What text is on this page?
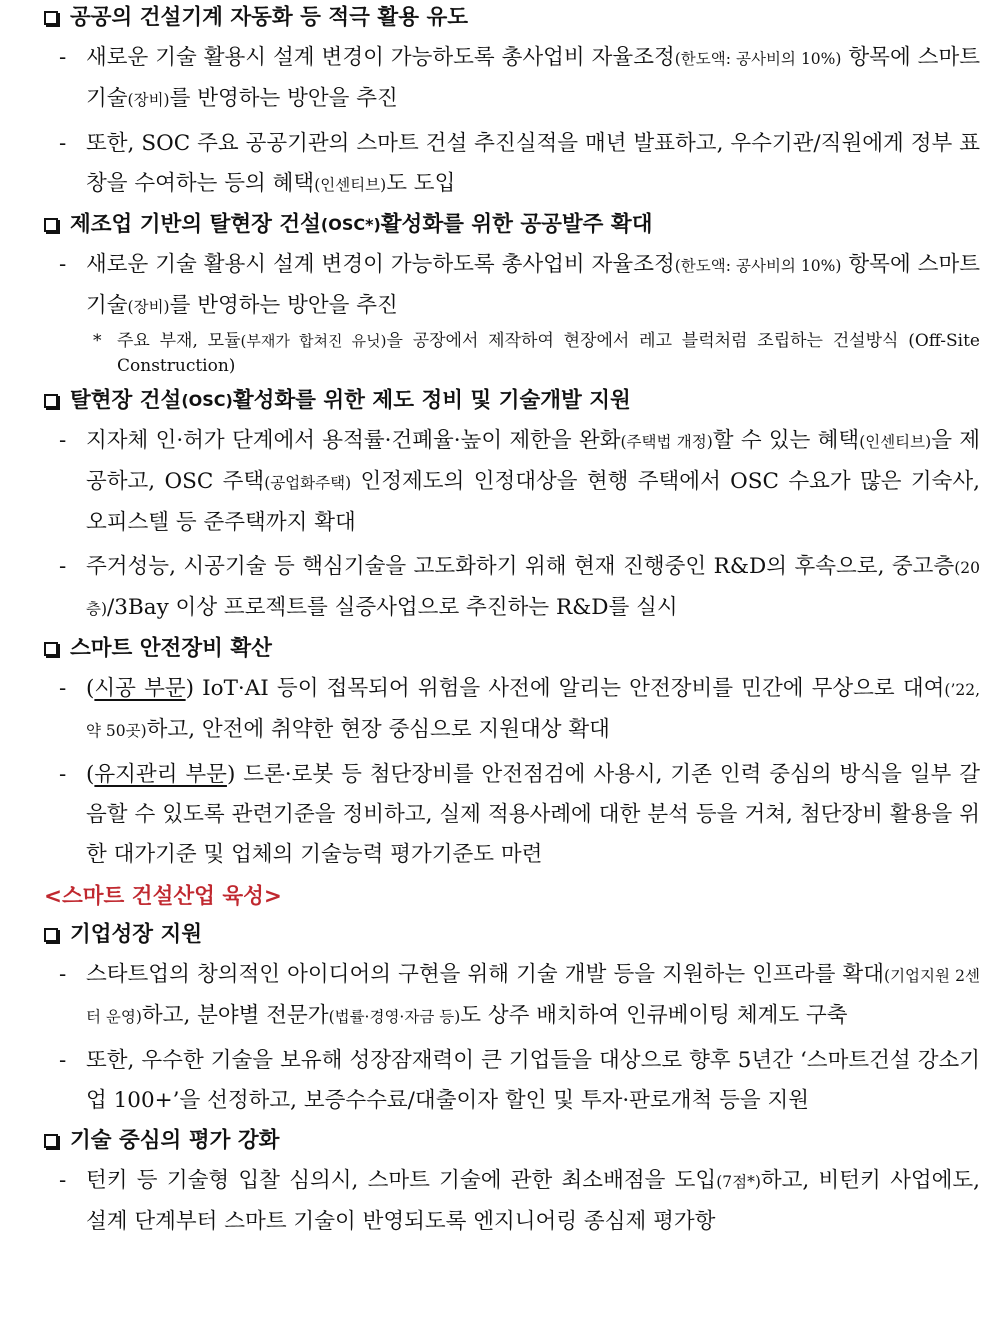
공공의 건설기계 자동화 등 적극 활용 유도
- 새로운 기술 활용시 설계 변경이 가능하도록 총사업비 자율조정(한도액: 공사비의 10%) 항목에 스마트 기술(장비)를 반영하는 방안을 추진
- 또한, SOC 주요 공공기관의 스마트 건설 추진실적을 매년 발표하고, 우수기관/직원에게 정부 표창을 수여하는 등의 혜택(인센티브)도 도입
제조업 기반의 탈현장 건설 (OSC*) 활성화를 위한 공공발주 확대
- 새로운 기술 활용시 설계 변경이 가능하도록 총사업비 자율조정(한도액: 공사비의 10%) 항목에 스마트 기술(장비)를 반영하는 방안을 추진
* 주요 부재, 모듈(부재가 합쳐진 유닛)을 공장에서 제작하여 현장에서 레고 블럭처럼 조립하는 건설방식 (Off-Site Construction)
탈현장 건설 (OSC) 활성화를 위한 제도 정비 및 기술개발 지원
- 지자체 인·허가 단계에서 용적률·건폐율·높이 제한을 완화(주택법 개정)할 수 있는 혜택(인센티브)을 제공하고, OSC 주택(공업화주택) 인정제도의 인정대상을 현행 주택에서 OSC 수요가 많은 기숙사, 오피스텔 등 준주택까지 확대
- 주거성능, 시공기술 등 핵심기술을 고도화하기 위해 현재 진행중인 R&D의 후속으로, 중고층(20층)/3Bay 이상 프로젝트를 실증사업으로 추진하는 R&D를 실시
스마트 안전장비 확산
- (시공 부문) IoT·AI 등이 접목되어 위험을 사전에 알리는 안전장비를 민간에 무상으로 대여(’22, 약 50곳)하고, 안전에 취약한 현장 중심으로 지원대상 확대
- (유지관리 부문) 드론·로봇 등 첨단장비를 안전점검에 사용시, 기존 인력 중심의 방식을 일부 갈음할 수 있도록 관련기준을 정비하고, 실제 적용사례에 대한 분석 등을 거쳐, 첨단장비 활용을 위한 대가기준 및 업체의 기술능력 평가기준도 마련
<스마트 건설산업 육성>
기업성장 지원
- 스타트업의 창의적인 아이디어의 구현을 위해 기술 개발 등을 지원하는 인프라를 확대(기업지원 2센터 운영)하고, 분야별 전문가(법률·경영·자금 등)도 상주 배치하여 인큐베이팅 체계도 구축
- 또한, 우수한 기술을 보유해 성장잠재력이 큰 기업들을 대상으로 향후 5년간 ‘스마트건설 강소기업 100+’을 선정하고, 보증수수료/대출이자 할인 및 투자·판로개척 등을 지원
기술 중심의 평가 강화
- 턴키 등 기술형 입찰 심의시, 스마트 기술에 관한 최소배점을 도입(7점*)하고, 비턴키 사업에도, 설계 단계부터 스마트 기술이 반영되도록 엔지니어링 종심제 평가항
